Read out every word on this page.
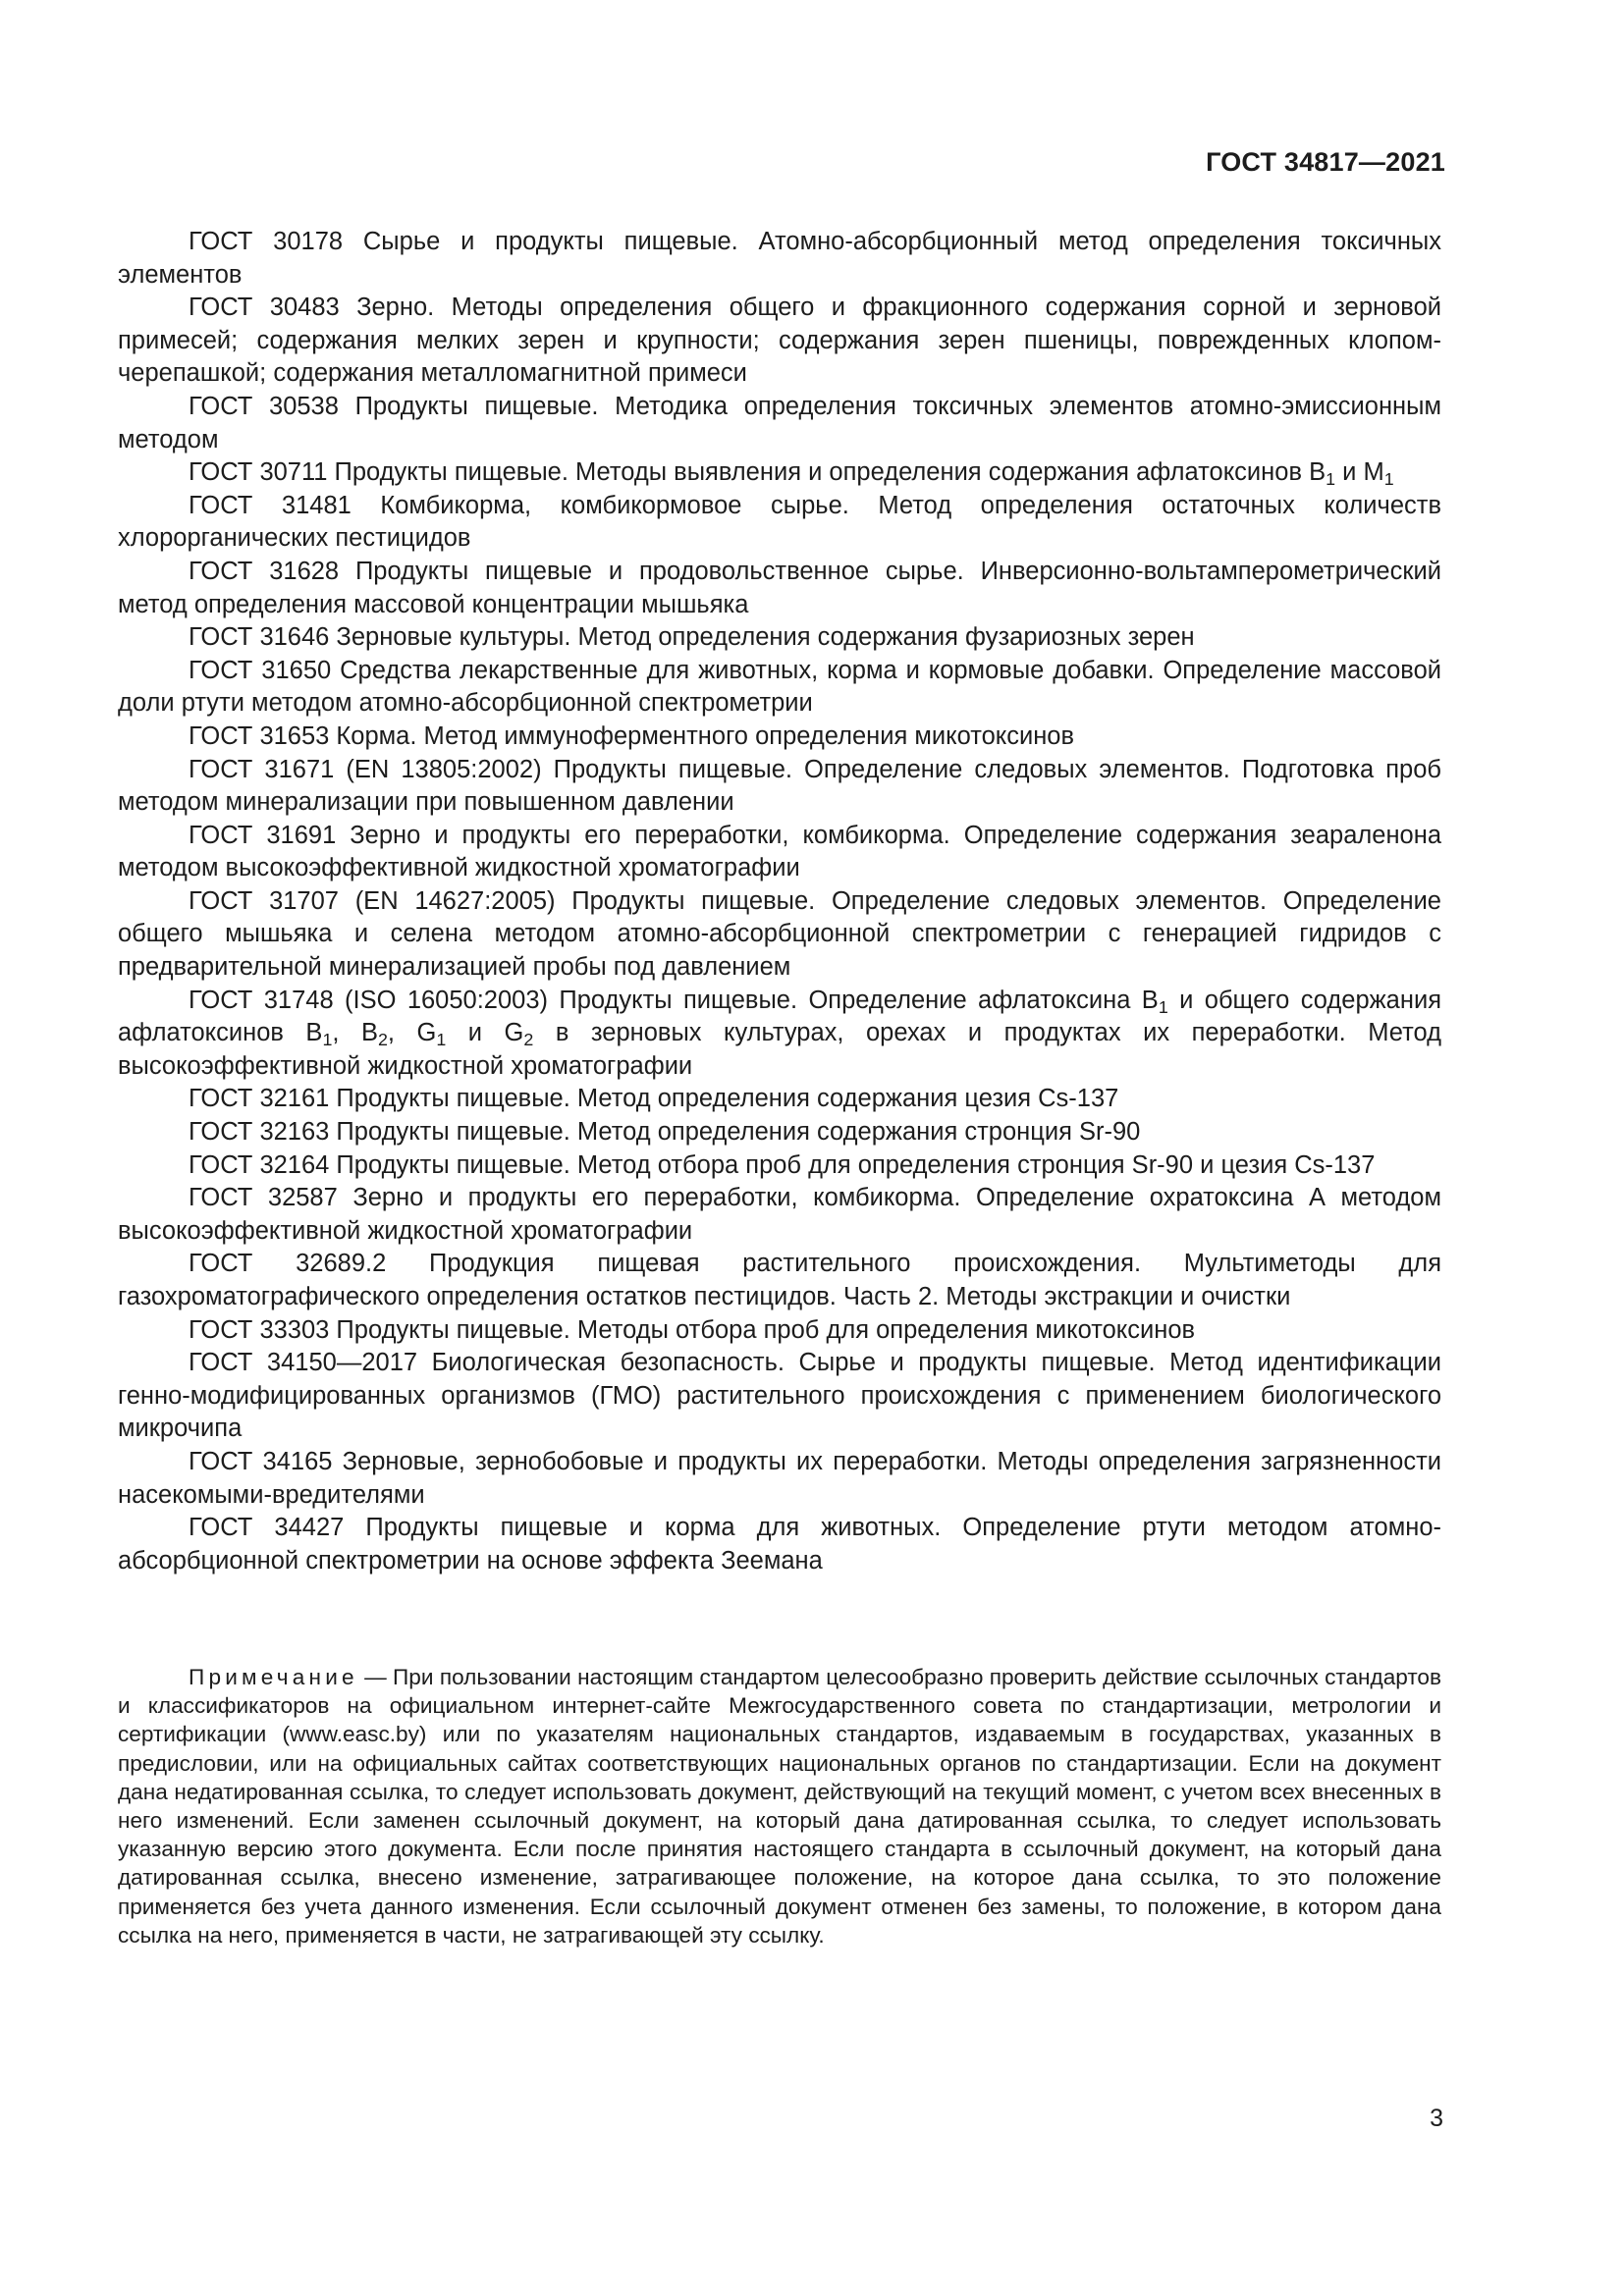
ГОСТ 34817—2021

ГОСТ 30178 Сырье и продукты пищевые. Атомно-абсорбционный метод определения токсичных элементов

ГОСТ 30483 Зерно. Методы определения общего и фракционного содержания сорной и зерновой примесей; содержания мелких зерен и крупности; содержания зерен пшеницы, поврежденных клопом-черепашкой; содержания металломагнитной примеси

ГОСТ 30538 Продукты пищевые. Методика определения токсичных элементов атомно-эмиссионным методом

ГОСТ 30711 Продукты пищевые. Методы выявления и определения содержания афлатоксинов $B_1$ и $M_1$

ГОСТ 31481 Комбикорма, комбикормовое сырье. Метод определения остаточных количеств хлорорганических пестицидов

ГОСТ 31628 Продукты пищевые и продовольственное сырье. Инверсионно-вольтамперометрический метод определения массовой концентрации мышьяка

ГОСТ 31646 Зерновые культуры. Метод определения содержания фузариозных зерен

ГОСТ 31650 Средства лекарственные для животных, корма и кормовые добавки. Определение массовой доли ртути методом атомно-абсорбционной спектрометрии

ГОСТ 31653 Корма. Метод иммуноферментного определения микотоксинов

ГОСТ 31671 (EN 13805:2002) Продукты пищевые. Определение следовых элементов. Подготовка проб методом минерализации при повышенном давлении

ГОСТ 31691 Зерно и продукты его переработки, комбикорма. Определение содержания зеараленона методом высокоэффективной жидкостной хроматографии

ГОСТ 31707 (EN 14627:2005) Продукты пищевые. Определение следовых элементов. Определение общего мышьяка и селена методом атомно-абсорбционной спектрометрии с генерацией гидридов с предварительной минерализацией пробы под давлением

ГОСТ 31748 (ISO 16050:2003) Продукты пищевые. Определение афлатоксина $B_1$ и общего содержания афлатоксинов $B_1$, $B_2$, $G_1$ и $G_2$ в зерновых культурах, орехах и продуктах их переработки. Метод высокоэффективной жидкостной хроматографии

ГОСТ 32161 Продукты пищевые. Метод определения содержания цезия Cs-137

ГОСТ 32163 Продукты пищевые. Метод определения содержания стронция Sr-90

ГОСТ 32164 Продукты пищевые. Метод отбора проб для определения стронция Sr-90 и цезия Cs-137

ГОСТ 32587 Зерно и продукты его переработки, комбикорма. Определение охратоксина А методом высокоэффективной жидкостной хроматографии

ГОСТ 32689.2 Продукция пищевая растительного происхождения. Мультиметоды для газохроматографического определения остатков пестицидов. Часть 2. Методы экстракции и очистки

ГОСТ 33303 Продукты пищевые. Методы отбора проб для определения микотоксинов

ГОСТ 34150—2017 Биологическая безопасность. Сырье и продукты пищевые. Метод идентификации генно-модифицированных организмов (ГМО) растительного происхождения с применением биологического микрочипа

ГОСТ 34165 Зерновые, зернобобовые и продукты их переработки. Методы определения загрязненности насекомыми-вредителями

ГОСТ 34427 Продукты пищевые и корма для животных. Определение ртути методом атомно-абсорбционной спектрометрии на основе эффекта Зеемана

Примечание — При пользовании настоящим стандартом целесообразно проверить действие ссылочных стандартов и классификаторов на официальном интернет-сайте Межгосударственного совета по стандартизации, метрологии и сертификации (www.easc.by) или по указателям национальных стандартов, издаваемым в государствах, указанных в предисловии, или на официальных сайтах соответствующих национальных органов по стандартизации. Если на документ дана недатированная ссылка, то следует использовать документ, действующий на текущий момент, с учетом всех внесенных в него изменений. Если заменен ссылочный документ, на который дана датированная ссылка, то следует использовать указанную версию этого документа. Если после принятия настоящего стандарта в ссылочный документ, на который дана датированная ссылка, внесено изменение, затрагивающее положение, на которое дана ссылка, то это положение применяется без учета данного изменения. Если ссылочный документ отменен без замены, то положение, в котором дана ссылка на него, применяется в части, не затрагивающей эту ссылку.

3
